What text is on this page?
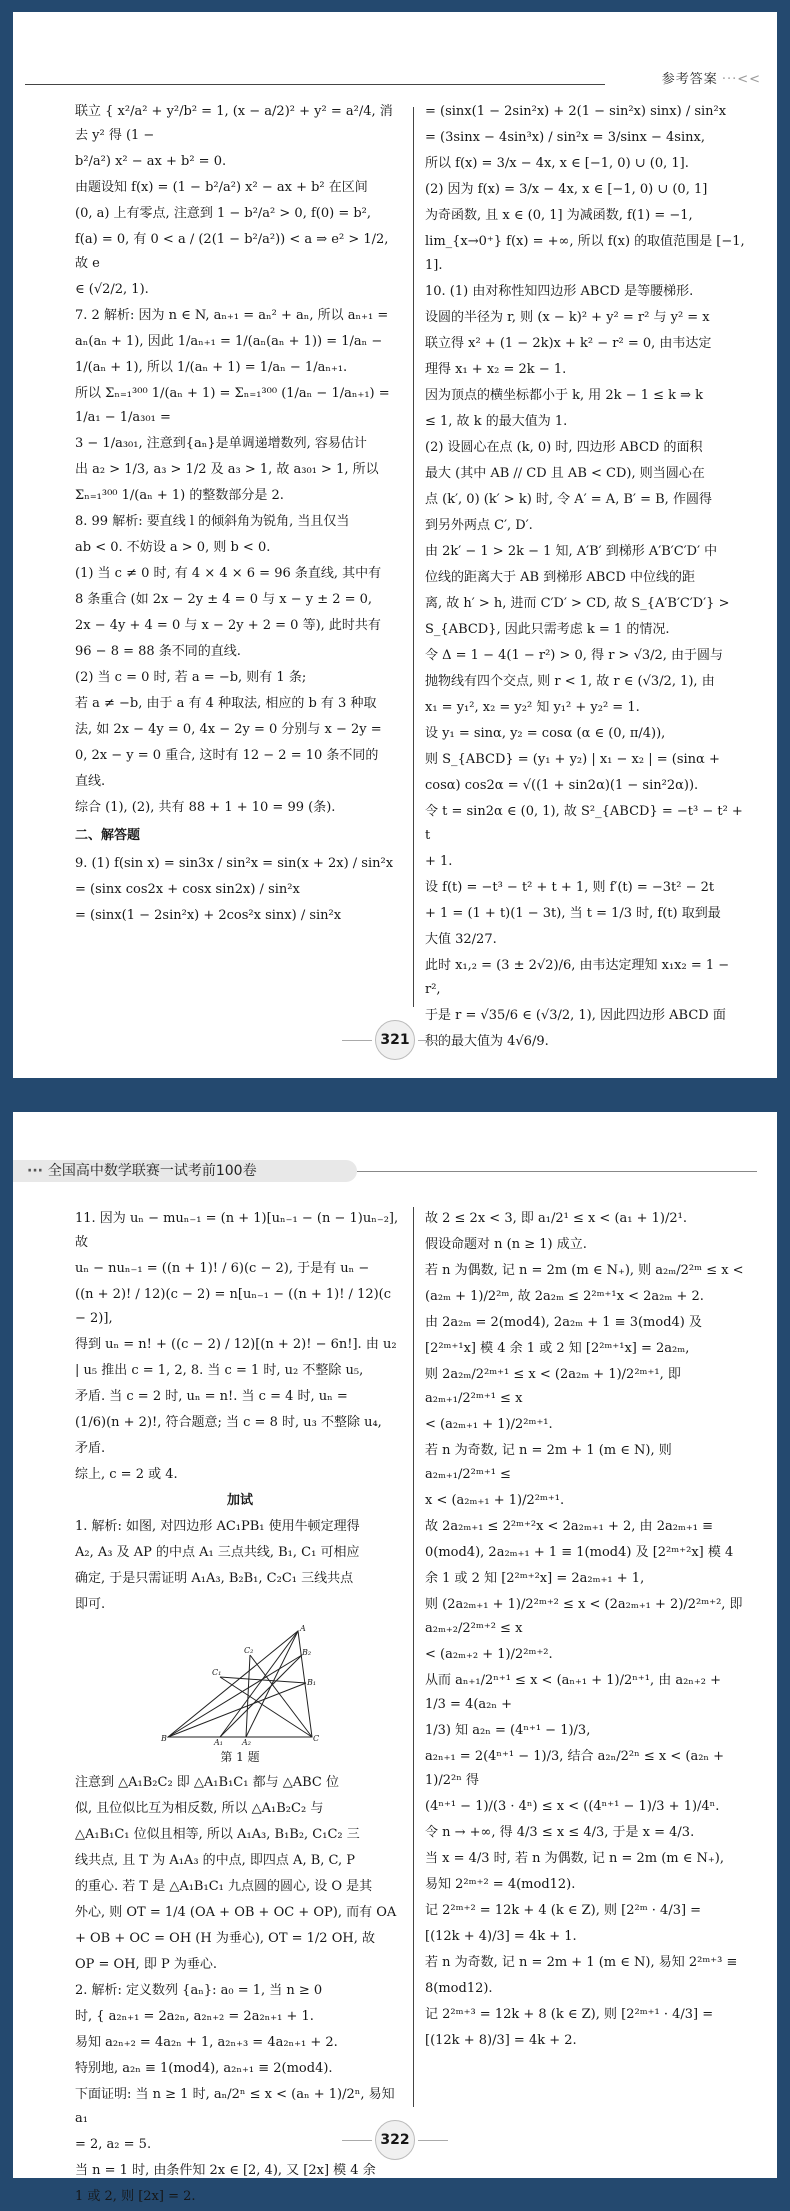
参考答案 ···<<

联立 { x²/a² + y²/b² = 1, (x − a/2)² + y² = a²/4, 消去 y² 得 (1 −

b²/a²) x² − ax + b² = 0.

由题设知 f(x) = (1 − b²/a²) x² − ax + b² 在区间

(0, a) 上有零点, 注意到 1 − b²/a² > 0, f(0) = b²,

f(a) = 0, 有 0 < a / (2(1 − b²/a²)) < a ⇒ e² > 1/2, 故 e

∈ (√2/2, 1).

7. 2 解析: 因为 n ∈ N, aₙ₊₁ = aₙ² + aₙ, 所以 aₙ₊₁ =

aₙ(aₙ + 1), 因此 1/aₙ₊₁ = 1/(aₙ(aₙ + 1)) = 1/aₙ −

1/(aₙ + 1), 所以 1/(aₙ + 1) = 1/aₙ − 1/aₙ₊₁.

所以 Σₙ₌₁³⁰⁰ 1/(aₙ + 1) = Σₙ₌₁³⁰⁰ (1/aₙ − 1/aₙ₊₁) = 1/a₁ − 1/a₃₀₁ =

3 − 1/a₃₀₁, 注意到{aₙ}是单调递增数列, 容易估计

出 a₂ > 1/3, a₃ > 1/2 及 a₃ > 1, 故 a₃₀₁ > 1, 所以

Σₙ₌₁³⁰⁰ 1/(aₙ + 1) 的整数部分是 2.

8. 99 解析: 要直线 l 的倾斜角为锐角, 当且仅当

ab < 0. 不妨设 a > 0, 则 b < 0.

(1) 当 c ≠ 0 时, 有 4 × 4 × 6 = 96 条直线, 其中有

8 条重合 (如 2x − 2y ± 4 = 0 与 x − y ± 2 = 0,

2x − 4y + 4 = 0 与 x − 2y + 2 = 0 等), 此时共有

96 − 8 = 88 条不同的直线.

(2) 当 c = 0 时, 若 a = −b, 则有 1 条;

若 a ≠ −b, 由于 a 有 4 种取法, 相应的 b 有 3 种取

法, 如 2x − 4y = 0, 4x − 2y = 0 分别与 x − 2y =

0, 2x − y = 0 重合, 这时有 12 − 2 = 10 条不同的

直线.

综合 (1), (2), 共有 88 + 1 + 10 = 99 (条).

二、解答题

9. (1) f(sin x) = sin3x / sin²x = sin(x + 2x) / sin²x

= (sinx cos2x + cosx sin2x) / sin²x

= (sinx(1 − 2sin²x) + 2cos²x sinx) / sin²x

= (sinx(1 − 2sin²x) + 2(1 − sin²x) sinx) / sin²x

= (3sinx − 4sin³x) / sin²x = 3/sinx − 4sinx,

所以 f(x) = 3/x − 4x, x ∈ [−1, 0) ∪ (0, 1].

(2) 因为 f(x) = 3/x − 4x, x ∈ [−1, 0) ∪ (0, 1]

为奇函数, 且 x ∈ (0, 1] 为减函数, f(1) = −1,

lim_{x→0⁺} f(x) = +∞, 所以 f(x) 的取值范围是 [−1, 1].

10. (1) 由对称性知四边形 ABCD 是等腰梯形.

设圆的半径为 r, 则 (x − k)² + y² = r² 与 y² = x

联立得 x² + (1 − 2k)x + k² − r² = 0, 由韦达定

理得 x₁ + x₂ = 2k − 1.

因为顶点的横坐标都小于 k, 用 2k − 1 ≤ k ⇒ k

≤ 1, 故 k 的最大值为 1.

(2) 设圆心在点 (k, 0) 时, 四边形 ABCD 的面积

最大 (其中 AB // CD 且 AB < CD), 则当圆心在

点 (k′, 0) (k′ > k) 时, 令 A′ = A, B′ = B, 作圆得

到另外两点 C′, D′.

由 2k′ − 1 > 2k − 1 知, A′B′ 到梯形 A′B′C′D′ 中

位线的距离大于 AB 到梯形 ABCD 中位线的距

离, 故 h′ > h, 进而 C′D′ > CD, 故 S_{A′B′C′D′} >

S_{ABCD}, 因此只需考虑 k = 1 的情况.

令 Δ = 1 − 4(1 − r²) > 0, 得 r > √3/2, 由于圆与

抛物线有四个交点, 则 r < 1, 故 r ∈ (√3/2, 1), 由

x₁ = y₁², x₂ = y₂² 知 y₁² + y₂² = 1.

设 y₁ = sinα, y₂ = cosα (α ∈ (0, π/4)),

则 S_{ABCD} = (y₁ + y₂) | x₁ − x₂ | = (sinα +

cosα) cos2α = √((1 + sin2α)(1 − sin²2α)).

令 t = sin2α ∈ (0, 1), 故 S²_{ABCD} = −t³ − t² + t

+ 1.

设 f(t) = −t³ − t² + t + 1, 则 f′(t) = −3t² − 2t

+ 1 = (1 + t)(1 − 3t), 当 t = 1/3 时, f(t) 取到最

大值 32/27.

此时 x₁,₂ = (3 ± 2√2)/6, 由韦达定理知 x₁x₂ = 1 − r²,

于是 r = √35/6 ∈ (√3/2, 1), 因此四边形 ABCD 面

积的最大值为 4√6/9.

321
··· 全国高中数学联赛一试考前100卷

11. 因为 uₙ − muₙ₋₁ = (n + 1)[uₙ₋₁ − (n − 1)uₙ₋₂], 故

uₙ − nuₙ₋₁ = ((n + 1)! / 6)(c − 2), 于是有 uₙ −

((n + 2)! / 12)(c − 2) = n[uₙ₋₁ − ((n + 1)! / 12)(c − 2)],

得到 uₙ = n! + ((c − 2) / 12)[(n + 2)! − 6n!]. 由 u₂

| u₅ 推出 c = 1, 2, 8. 当 c = 1 时, u₂ 不整除 u₅,

矛盾. 当 c = 2 时, uₙ = n!. 当 c = 4 时, uₙ =

(1/6)(n + 2)!, 符合题意; 当 c = 8 时, u₃ 不整除 u₄,

矛盾.

综上, c = 2 或 4.

加试

1. 解析: 如图, 对四边形 AC₁PB₁ 使用牛顿定理得

A₂, A₃ 及 AP 的中点 A₁ 三点共线, B₁, C₁ 可相应

确定, 于是只需证明 A₁A₃, B₂B₁, C₂C₁ 三线共点

即可.

A
B	C
A₁ A₂
B₁
B₂
C₁
C₂
第 1 题

注意到 △A₁B₂C₂ 即 △A₁B₁C₁ 都与 △ABC 位

似, 且位似比互为相反数, 所以 △A₁B₂C₂ 与

△A₁B₁C₁ 位似且相等, 所以 A₁A₃, B₁B₂, C₁C₂ 三

线共点, 且 T 为 A₁A₃ 的中点, 即四点 A, B, C, P

的重心. 若 T 是 △A₁B₁C₁ 九点圆的圆心, 设 O 是其

外心, 则 OT = 1/4 (OA + OB + OC + OP), 而有 OA

+ OB + OC = OH (H 为垂心), OT = 1/2 OH, 故

OP = OH, 即 P 为垂心.

2. 解析: 定义数列 {aₙ}: a₀ = 1, 当 n ≥ 0

时, { a₂ₙ₊₁ = 2a₂ₙ, a₂ₙ₊₂ = 2a₂ₙ₊₁ + 1.

易知 a₂ₙ₊₂ = 4a₂ₙ + 1, a₂ₙ₊₃ = 4a₂ₙ₊₁ + 2.

特别地, a₂ₙ ≡ 1(mod4), a₂ₙ₊₁ ≡ 2(mod4).

下面证明: 当 n ≥ 1 时, aₙ/2ⁿ ≤ x < (aₙ + 1)/2ⁿ, 易知 a₁

= 2, a₂ = 5.

当 n = 1 时, 由条件知 2x ∈ [2, 4), 又 [2x] 模 4 余

1 或 2, 则 [2x] = 2.

故 2 ≤ 2x < 3, 即 a₁/2¹ ≤ x < (a₁ + 1)/2¹.

假设命题对 n (n ≥ 1) 成立.

若 n 为偶数, 记 n = 2m (m ∈ N₊), 则 a₂ₘ/2²ᵐ ≤ x <

(a₂ₘ + 1)/2²ᵐ, 故 2a₂ₘ ≤ 2²ᵐ⁺¹x < 2a₂ₘ + 2.

由 2a₂ₘ = 2(mod4), 2a₂ₘ + 1 ≡ 3(mod4) 及

[2²ᵐ⁺¹x] 模 4 余 1 或 2 知 [2²ᵐ⁺¹x] = 2a₂ₘ,

则 2a₂ₘ/2²ᵐ⁺¹ ≤ x < (2a₂ₘ + 1)/2²ᵐ⁺¹, 即 a₂ₘ₊₁/2²ᵐ⁺¹ ≤ x

< (a₂ₘ₊₁ + 1)/2²ᵐ⁺¹.

若 n 为奇数, 记 n = 2m + 1 (m ∈ N), 则 a₂ₘ₊₁/2²ᵐ⁺¹ ≤

x < (a₂ₘ₊₁ + 1)/2²ᵐ⁺¹.

故 2a₂ₘ₊₁ ≤ 2²ᵐ⁺²x < 2a₂ₘ₊₁ + 2, 由 2a₂ₘ₊₁ ≡

0(mod4), 2a₂ₘ₊₁ + 1 ≡ 1(mod4) 及 [2²ᵐ⁺²x] 模 4

余 1 或 2 知 [2²ᵐ⁺²x] = 2a₂ₘ₊₁ + 1,

则 (2a₂ₘ₊₁ + 1)/2²ᵐ⁺² ≤ x < (2a₂ₘ₊₁ + 2)/2²ᵐ⁺², 即 a₂ₘ₊₂/2²ᵐ⁺² ≤ x

< (a₂ₘ₊₂ + 1)/2²ᵐ⁺².

从而 aₙ₊₁/2ⁿ⁺¹ ≤ x < (aₙ₊₁ + 1)/2ⁿ⁺¹, 由 a₂ₙ₊₂ + 1/3 = 4(a₂ₙ +

1/3) 知 a₂ₙ = (4ⁿ⁺¹ − 1)/3,

a₂ₙ₊₁ = 2(4ⁿ⁺¹ − 1)/3, 结合 a₂ₙ/2²ⁿ ≤ x < (a₂ₙ + 1)/2²ⁿ 得

(4ⁿ⁺¹ − 1)/(3 · 4ⁿ) ≤ x < ((4ⁿ⁺¹ − 1)/3 + 1)/4ⁿ.

令 n → +∞, 得 4/3 ≤ x ≤ 4/3, 于是 x = 4/3.

当 x = 4/3 时, 若 n 为偶数, 记 n = 2m (m ∈ N₊),

易知 2²ᵐ⁺² = 4(mod12).

记 2²ᵐ⁺² = 12k + 4 (k ∈ Z), 则 [2²ᵐ · 4/3] =

[(12k + 4)/3] = 4k + 1.

若 n 为奇数, 记 n = 2m + 1 (m ∈ N), 易知 2²ᵐ⁺³ ≡

8(mod12).

记 2²ᵐ⁺³ = 12k + 8 (k ∈ Z), 则 [2²ᵐ⁺¹ · 4/3] =

[(12k + 8)/3] = 4k + 2.

322
